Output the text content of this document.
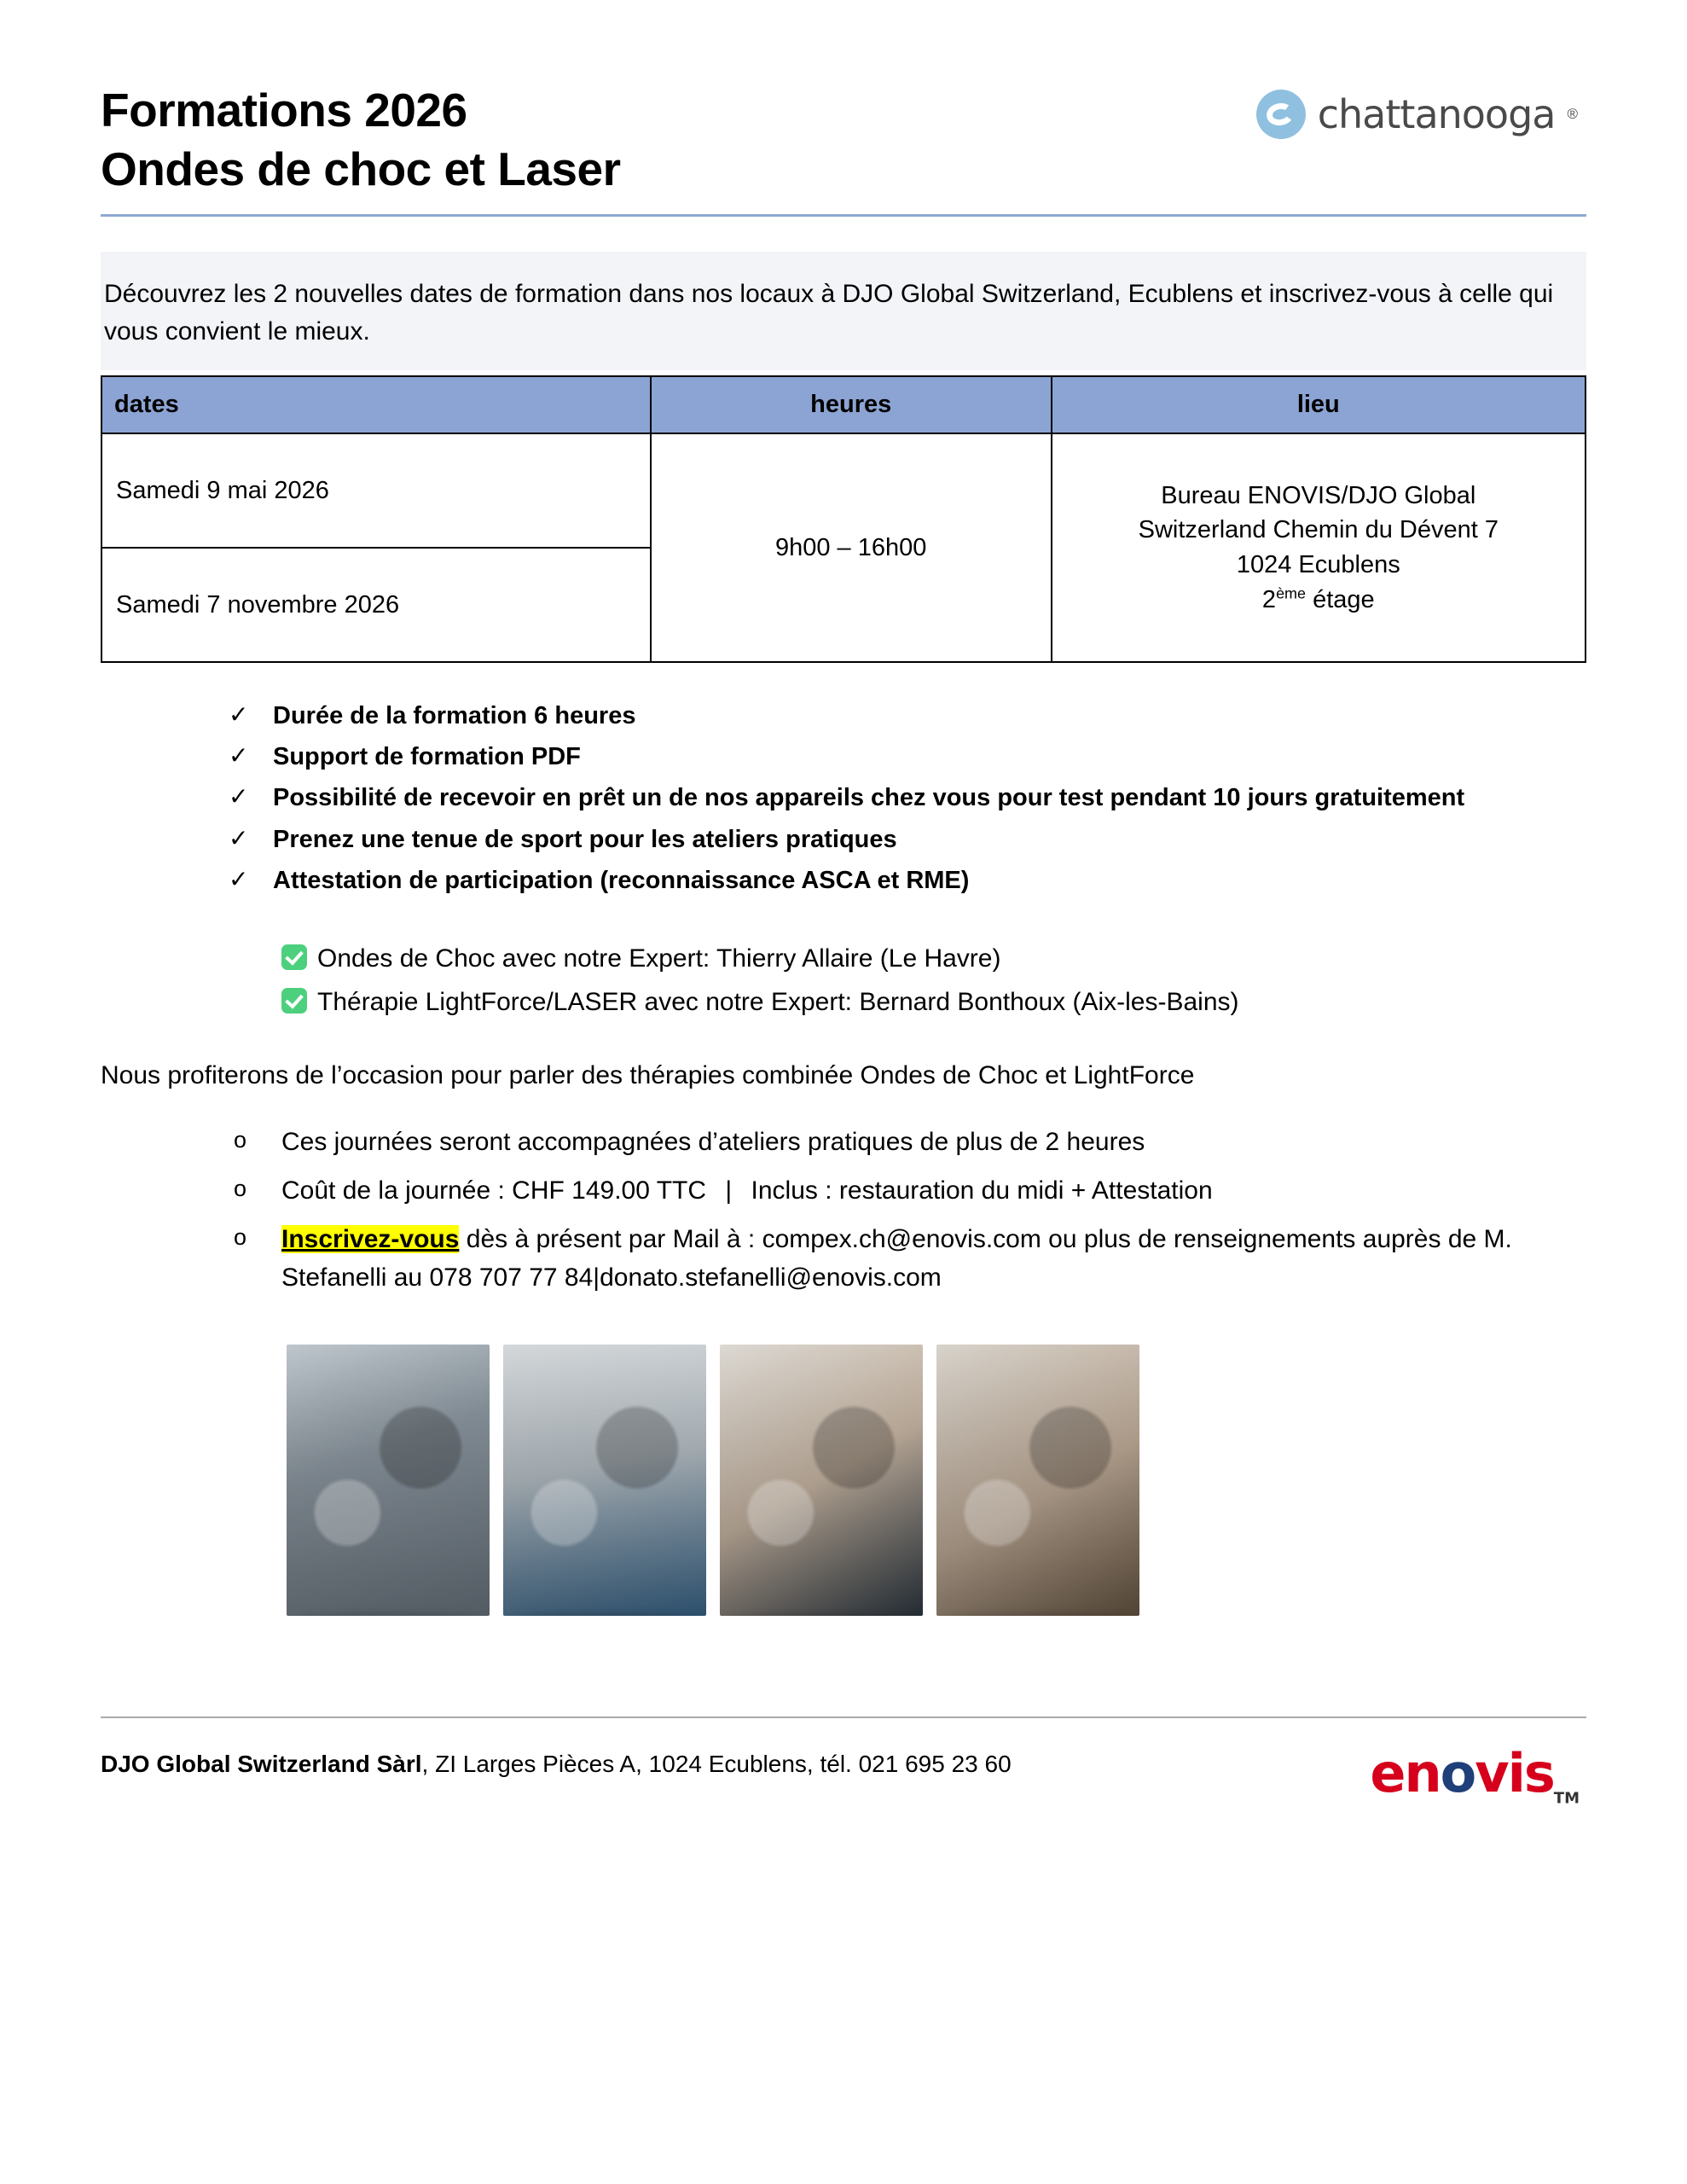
Formations 2026
Ondes de choc et Laser
chattanooga ®
Découvrez les 2 nouvelles dates de formation dans nos locaux à DJO Global Switzerland, Ecublens et inscrivez-vous à celle qui vous convient le mieux.
dates	heures	lieu
Samedi 9 mai 2026	9h00 – 16h00	Bureau ENOVIS/DJO Global
Switzerland Chemin du Dévent 7
1024 Ecublens
2ème étage

Samedi 7 novembre 2026		
✓ Durée de la formation 6 heures
✓ Support de formation PDF
✓ Possibilité de recevoir en prêt un de nos appareils chez vous pour test pendant 10 jours gratuitement
✓ Prenez une tenue de sport pour les ateliers pratiques
✓ Attestation de participation (reconnaissance ASCA et RME)
Ondes de Choc avec notre Expert: Thierry Allaire (Le Havre)
Thérapie LightForce/LASER avec notre Expert: Bernard Bonthoux (Aix-les-Bains)
Nous profiterons de l’occasion pour parler des thérapies combinée Ondes de Choc et LightForce
o Ces journées seront accompagnées d’ateliers pratiques de plus de 2 heures
o Coût de la journée : CHF 149.00 TTC | Inclus : restauration du midi + Attestation
o Inscrivez-vous dès à présent par Mail à : compex.ch@enovis.com ou plus de renseignements auprès de M. Stefanelli au 078 707 77 84|donato.stefanelli@enovis.com
DJO Global Switzerland Sàrl, ZI Larges Pièces A, 1024 Ecublens, tél. 021 695 23 60	enovis$_{TM}$
